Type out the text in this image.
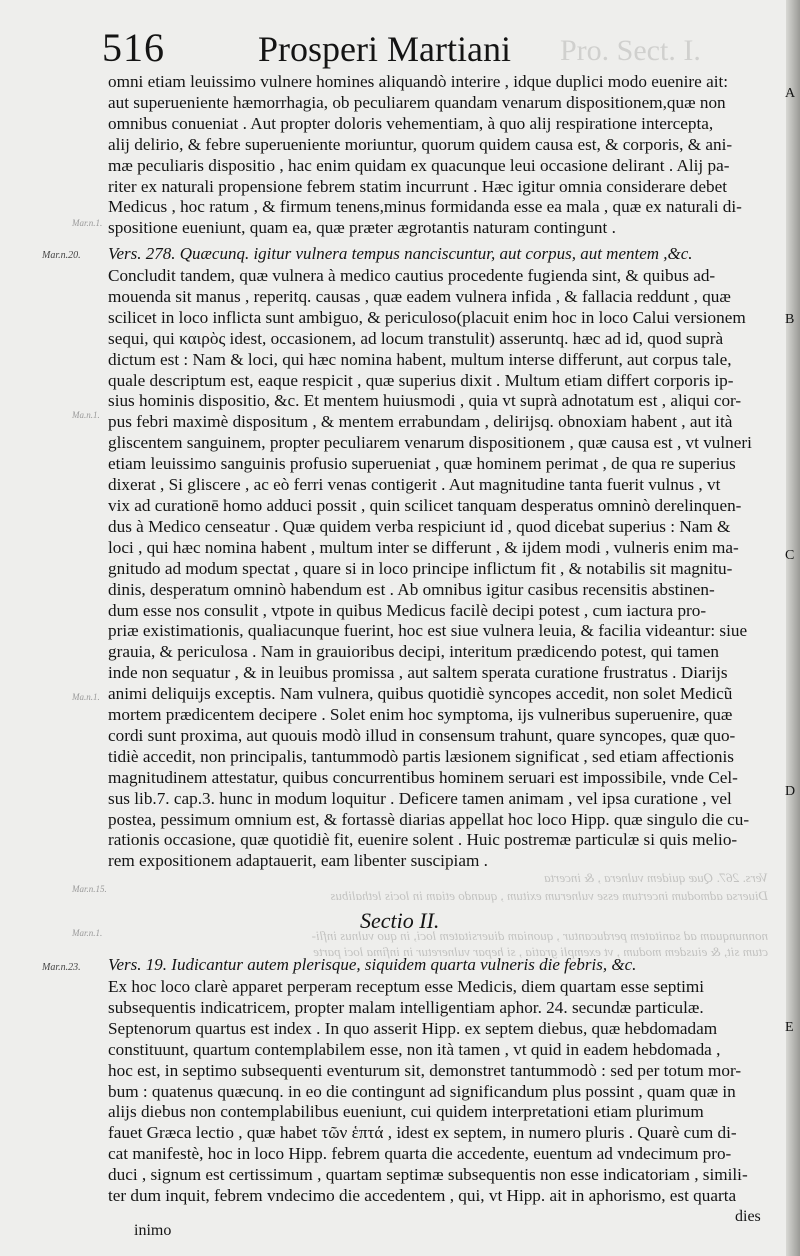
516	Prosperi Martiani Pro. Sect. I.
omni etiam leuissimo vulnere homines aliquandò interire , idque duplici modo euenire ait:
aut superueniente hæmorrhagia, ob peculiarem quandam venarum dispositionem,quæ non
omnibus conueniat . Aut propter doloris vehementiam, à quo alij respiratione intercepta,
alij delirio, & febre superueniente moriuntur, quorum quidem causa est, & corporis, & ani-
mæ peculiaris dispositio , hac enim quidam ex quacunque leui occasione delirant . Alij pa-
riter ex naturali propensione febrem statim incurrunt . Hæc igitur omnia considerare debet
Medicus , hoc ratum , & firmum tenens,minus formidanda esse ea mala , quæ ex naturali di-
spositione eueniunt, quam ea, quæ præter ægrotantis naturam contingunt .
Mar.n.1.
Mar.n.20. Vers. 278. Quæcunq. igitur vulnera tempus nanciscuntur, aut corpus, aut mentem ,&c.
Concludit tandem, quæ vulnera à medico cautius procedente fugienda sint, & quibus ad-
mouenda sit manus , reperitq. causas , quæ eadem vulnera infida , & fallacia reddunt , quæ
scilicet in loco inflicta sunt ambiguo, & periculoso(placuit enim hoc in loco Calui versionem
sequi, qui καιρὸς idest, occasionem, ad locum transtulit) asseruntq. hæc ad id, quod suprà
dictum est : Nam & loci, qui hæc nomina habent, multum interse differunt, aut corpus tale,
quale descriptum est, eaque respicit , quæ superius dixit . Multum etiam differt corporis ip-
sius hominis dispositio, &c. Et mentem huiusmodi , quia vt suprà adnotatum est , aliqui cor-
pus febri maximè dispositum , & mentem errabundam , delirijsq. obnoxiam habent , aut ità
gliscentem sanguinem, propter peculiarem venarum dispositionem , quæ causa est , vt vulneri
etiam leuissimo sanguinis profusio superueniat , quæ hominem perimat , de qua re superius
dixerat , Si gliscere , ac eò ferri venas contigerit . Aut magnitudine tanta fuerit vulnus , vt
vix ad curationē homo adduci possit , quin scilicet tanquam desperatus omninò derelinquen-
dus à Medico censeatur . Quæ quidem verba respiciunt id , quod dicebat superius : Nam &
loci , qui hæc nomina habent , multum inter se differunt , & ijdem modi , vulneris enim ma-
gnitudo ad modum spectat , quare si in loco principe inflictum fit , & notabilis sit magnitu-
dinis, desperatum omninò habendum est . Ab omnibus igitur casibus recensitis abstinen-
dum esse nos consulit , vtpote in quibus Medicus facilè decipi potest , cum iactura pro-
priæ existimationis, qualiacunque fuerint, hoc est siue vulnera leuia, & facilia videantur: siue
grauia, & periculosa . Nam in grauioribus decipi, interitum prædicendo potest, qui tamen
inde non sequatur , & in leuibus promissa , aut saltem sperata curatione frustratus . Diarijs
animi deliquijs exceptis. Nam vulnera, quibus quotidiè syncopes accedit, non solet Medicũ
mortem prædicentem decipere . Solet enim hoc symptoma, ijs vulneribus superuenire, quæ
cordi sunt proxima, aut quouis modò illud in consensum trahunt, quare syncopes, quæ quo-
tidiè accedit, non principalis, tantummodò partis læsionem significat , sed etiam affectionis
magnitudinem attestatur, quibus concurrentibus hominem seruari est impossibile, vnde Cel-
sus lib.7. cap.3. hunc in modum loquitur . Deficere tamen animam , vel ipsa curatione , vel
postea, pessimum omnium est, & fortassè diarias appellat hoc loco Hipp. quæ singulo die cu-
rationis occasione, quæ quotidiè fit, euenire solent . Huic postremæ particulæ si quis melio-
rem expositionem adaptauerit, eam libenter suscipiam .
Ma.n.1.
Ma.n.1.
Mar.n.15.
Mar.n.1.
Vers. 267. Quæ quidem vulnera , & incerta
Diuersa admodum incertum esse vulnerum exitum , quando etiam in locis lethalibus
nonnunquam ad sanitatem perducantur , quoniam diuersitatem loci, in quo vulnus infli-
ctum sit, & eiusdem modum , vt exempli gratia , si hepar vulneretur in infima loci parte
Sectio II.
Mar.n.23. Vers. 19. Iudicantur autem plerisque, siquidem quarta vulneris die febris, &c.
Ex hoc loco clarè apparet perperam receptum esse Medicis, diem quartam esse septimi
subsequentis indicatricem, propter malam intelligentiam aphor. 24. secundæ particulæ.
Septenorum quartus est index . In quo asserit Hipp. ex septem diebus, quæ hebdomadam
constituunt, quartum contemplabilem esse, non ità tamen , vt quid in eadem hebdomada ,
hoc est, in septimo subsequenti eventurum sit, demonstret tantummodò : sed per totum mor-
bum : quatenus quæcunq. in eo die contingunt ad significandum plus possint , quam quæ in
alijs diebus non contemplabilibus eueniunt, cui quidem interpretationi etiam plurimum
fauet Græca lectio , quæ habet τῶν ἑπτά , idest ex septem, in numero pluris . Quarè cum di-
cat manifestè, hoc in loco Hipp. febrem quarta die accedente, euentum ad vndecimum pro-
duci , signum est certissimum , quartam septimæ subsequentis non esse indicatoriam , simili-
ter dum inquit, febrem vndecimo die accedentem , qui, vt Hipp. ait in aphorismo, est quarta
dies
inimo
A
B
C
D
E
